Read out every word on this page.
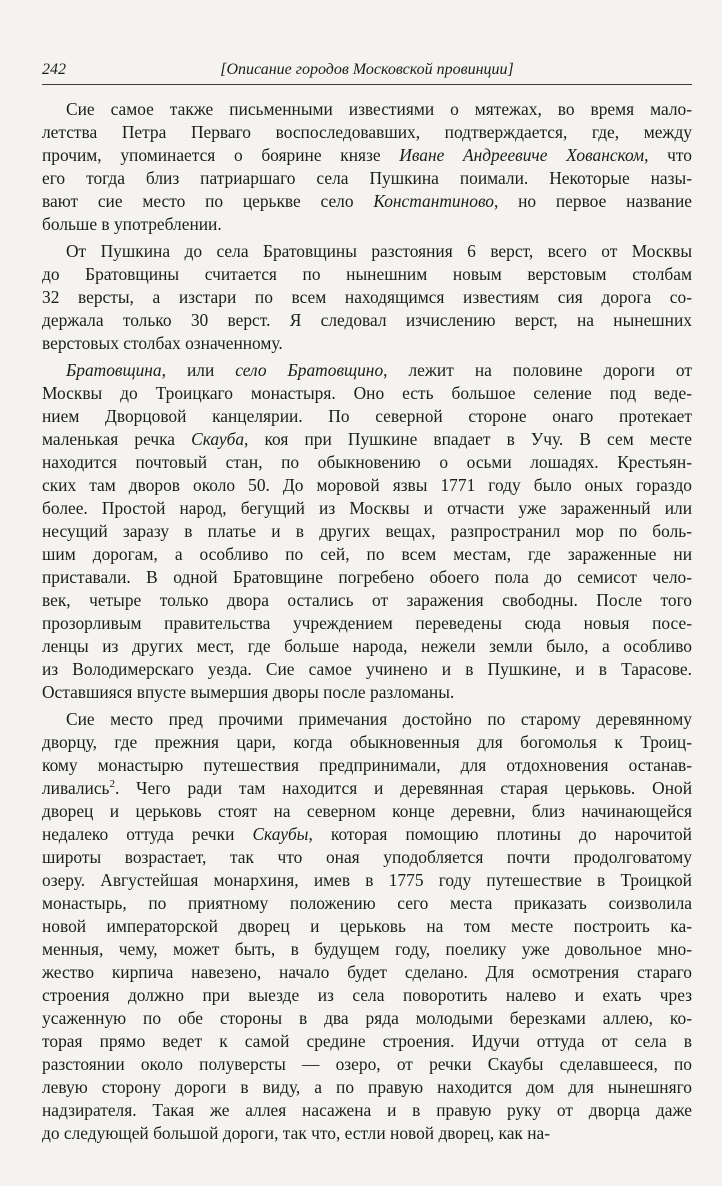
242	[Описание городов Московской провинции]
Сие самое также письменными известиями о мятежах, во время мало-
летства Петра Перваго воспоследовавших, подтверждается, где, между
прочим, упоминается о боярине князе Иване Андреевиче Хованском, что
его тогда близ патриаршаго села Пушкина поимали. Некоторые назы-
вают сие место по церькве село Константиново, но первое название
больше в употреблении.
От Пушкина до села Братовщины разстояния 6 верст, всего от Москвы
до Братовщины считается по нынешним новым верстовым столбам
32 версты, а изстари по всем находящимся известиям сия дорога со-
держала только 30 верст. Я следовал изчислению верст, на нынешних
верстовых столбах означенному.
Братовщина, или село Братовщино, лежит на половине дороги от
Москвы до Троицкаго монастыря. Оно есть большое селение под веде-
нием Дворцовой канцелярии. По северной стороне онаго протекает
маленькая речка Скауба, коя при Пушкине впадает в Учу. В сем месте
находится почтовый стан, по обыкновению о осьми лошадях. Крестьян-
ских там дворов около 50. До моровой язвы 1771 году было оных гораздо
более. Простой народ, бегущий из Москвы и отчасти уже зараженный или
несущий заразу в платье и в других вещах, разпространил мор по боль-
шим дорогам, а особливо по сей, по всем местам, где зараженные ни
приставали. В одной Братовщине погребено обоего пола до семисот чело-
век, четыре только двора остались от заражения свободны. После того
прозорливым правительства учреждением переведены сюда новыя посе-
ленцы из других мест, где больше народа, нежели земли было, а особливо
из Володимерскаго уезда. Сие самое учинено и в Пушкине, и в Тарасове.
Оставшияся впусте вымершия дворы после разломаны.
Сие место пред прочими примечания достойно по старому деревянному
дворцу, где прежния цари, когда обыкновенныя для богомолья к Троиц-
кому монастырю путешествия предпринимали, для отдохновения останав-
ливались$^2$. Чего ради там находится и деревянная старая церьковь. Оной
дворец и церьковь стоят на северном конце деревни, близ начинающейся
недалеко оттуда речки Скаубы, которая помощию плотины до нарочитой
широты возрастает, так что оная уподобляется почти продолговатому
озеру. Августейшая монархиня, имев в 1775 году путешествие в Троицкой
монастырь, по приятному положению сего места приказать соизволила
новой императорской дворец и церьковь на том месте построить ка-
менныя, чему, может быть, в будущем году, поелику уже довольное мно-
жество кирпича навезено, начало будет сделано. Для осмотрения стараго
строения должно при выезде из села поворотить налево и ехать чрез
усаженную по обе стороны в два ряда молодыми березками аллею, ко-
торая прямо ведет к самой средине строения. Идучи оттуда от села в
разстоянии около полуверсты — озеро, от речки Скаубы сделавшееся, по
левую сторону дороги в виду, а по правую находится дом для нынешняго
надзирателя. Такая же аллея насажена и в правую руку от дворца даже
до следующей большой дороги, так что, естли новой дворец, как на-
